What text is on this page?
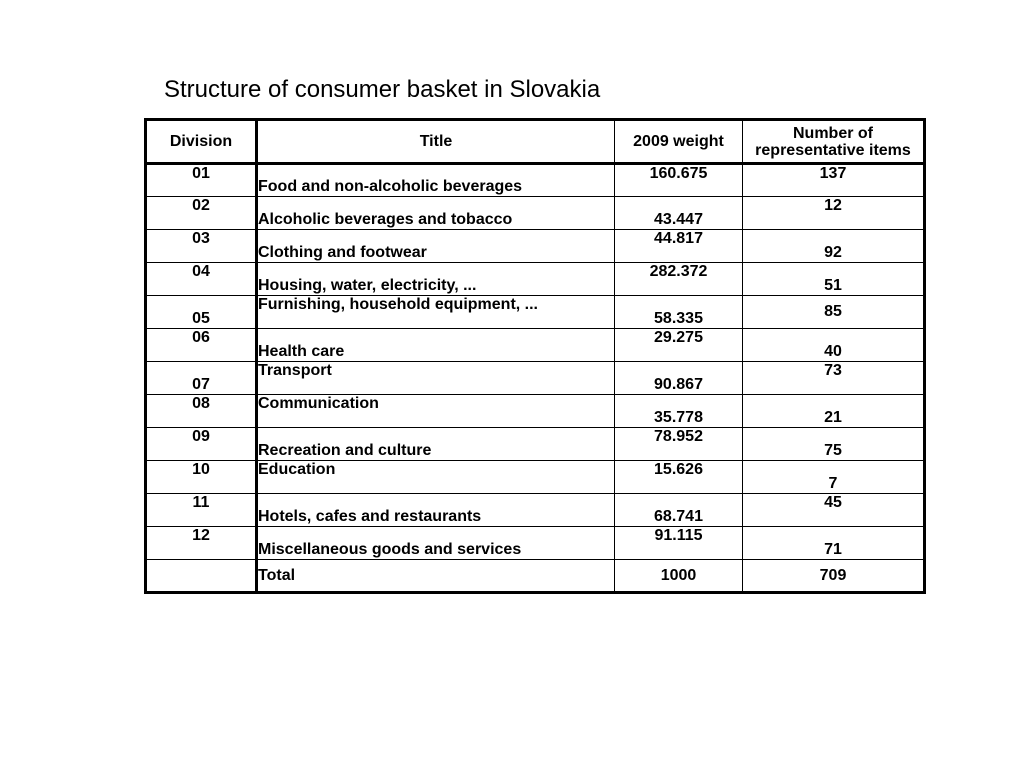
Structure of consumer basket in Slovakia
Division	Title	2009 weight	Number of
representative items
01	Food and non-alcoholic beverages	160.675	137
02	Alcoholic beverages and tobacco	43.447	12
03	Clothing and footwear	44.817	92
04	Housing, water, electricity, ...	282.372	51
05	Furnishing, household equipment, ...	58.335	85
06	Health care	29.275	40
07	Transport	90.867	73
08	Communication	35.778	21
09	Recreation and culture	78.952	75
10	Education	15.626	7
11	Hotels, cafes and restaurants	68.741	45
12	Miscellaneous goods and services	91.115	71
	Total	1000	709
